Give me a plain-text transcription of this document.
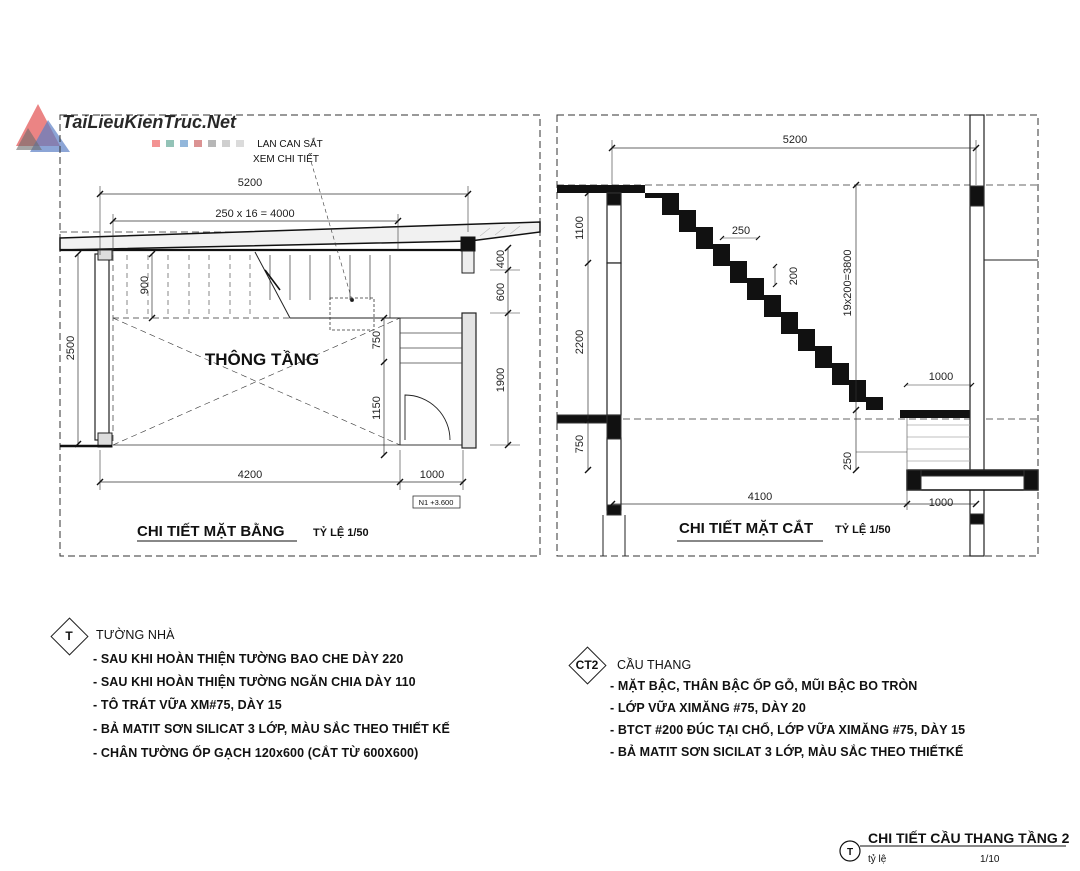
TaiLieuKienTruc.Net
5200
250 x 16 = 4000
4200	1000
2500
900
750
1150
400
600
1900
LAN CAN SẮT
XEM CHI TIẾT
THÔNG TẦNG
N1 +3.600
CHI TIẾT MẶT BẰNG	TỶ LỆ 1/50
5200
250
200	19x200=3800
1000
1100
2200
750
250
4100	1000
CHI TIẾT MẶT CẮT TỶ LỆ 1/50
T
CHI TIẾT CẦU THANG TẦNG 2
tỷ lệ	1/10
T	TƯỜNG NHÀ
- SAU KHI HOÀN THIỆN TƯỜNG BAO CHE DÀY 220
- SAU KHI HOÀN THIỆN TƯỜNG NGĂN CHIA DÀY 110
- TÔ TRÁT VỮA XM#75, DÀY 15
- BẢ MATIT SƠN SILICAT 3 LỚP, MÀU SẮC THEO THIẾT KẾ
- CHÂN TƯỜNG ỐP GẠCH 120x600 (CẮT TỪ 600X600)
CT2	CẦU THANG
- MẶT BẬC, THÂN BẬC ỐP GỖ, MŨI BẬC BO TRÒN
- LỚP VỮA XIMĂNG #75, DÀY 20
- BTCT #200 ĐÚC TẠI CHỔ, LỚP VỮA XIMĂNG #75, DÀY 15
- BẢ MATIT SƠN SICILAT 3 LỚP, MÀU SẮC THEO THIẾTKẾ
